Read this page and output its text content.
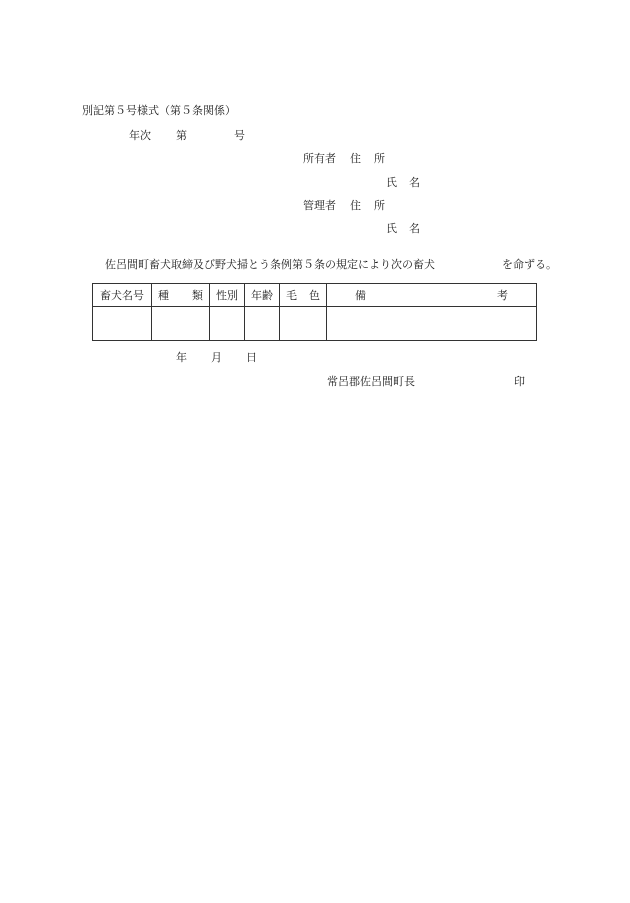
別記第５号様式（第５条関係）
年次 第	号
所有者 住 所
氏 名
管理者 住 所
氏 名
佐呂間町畜犬取締及び野犬掃とう条例第５条の規定により次の畜犬	を命ずる。
畜犬名号	種 類	性別	年齢	毛 色	備 考

年 月 日
常呂郡佐呂間町長	印
